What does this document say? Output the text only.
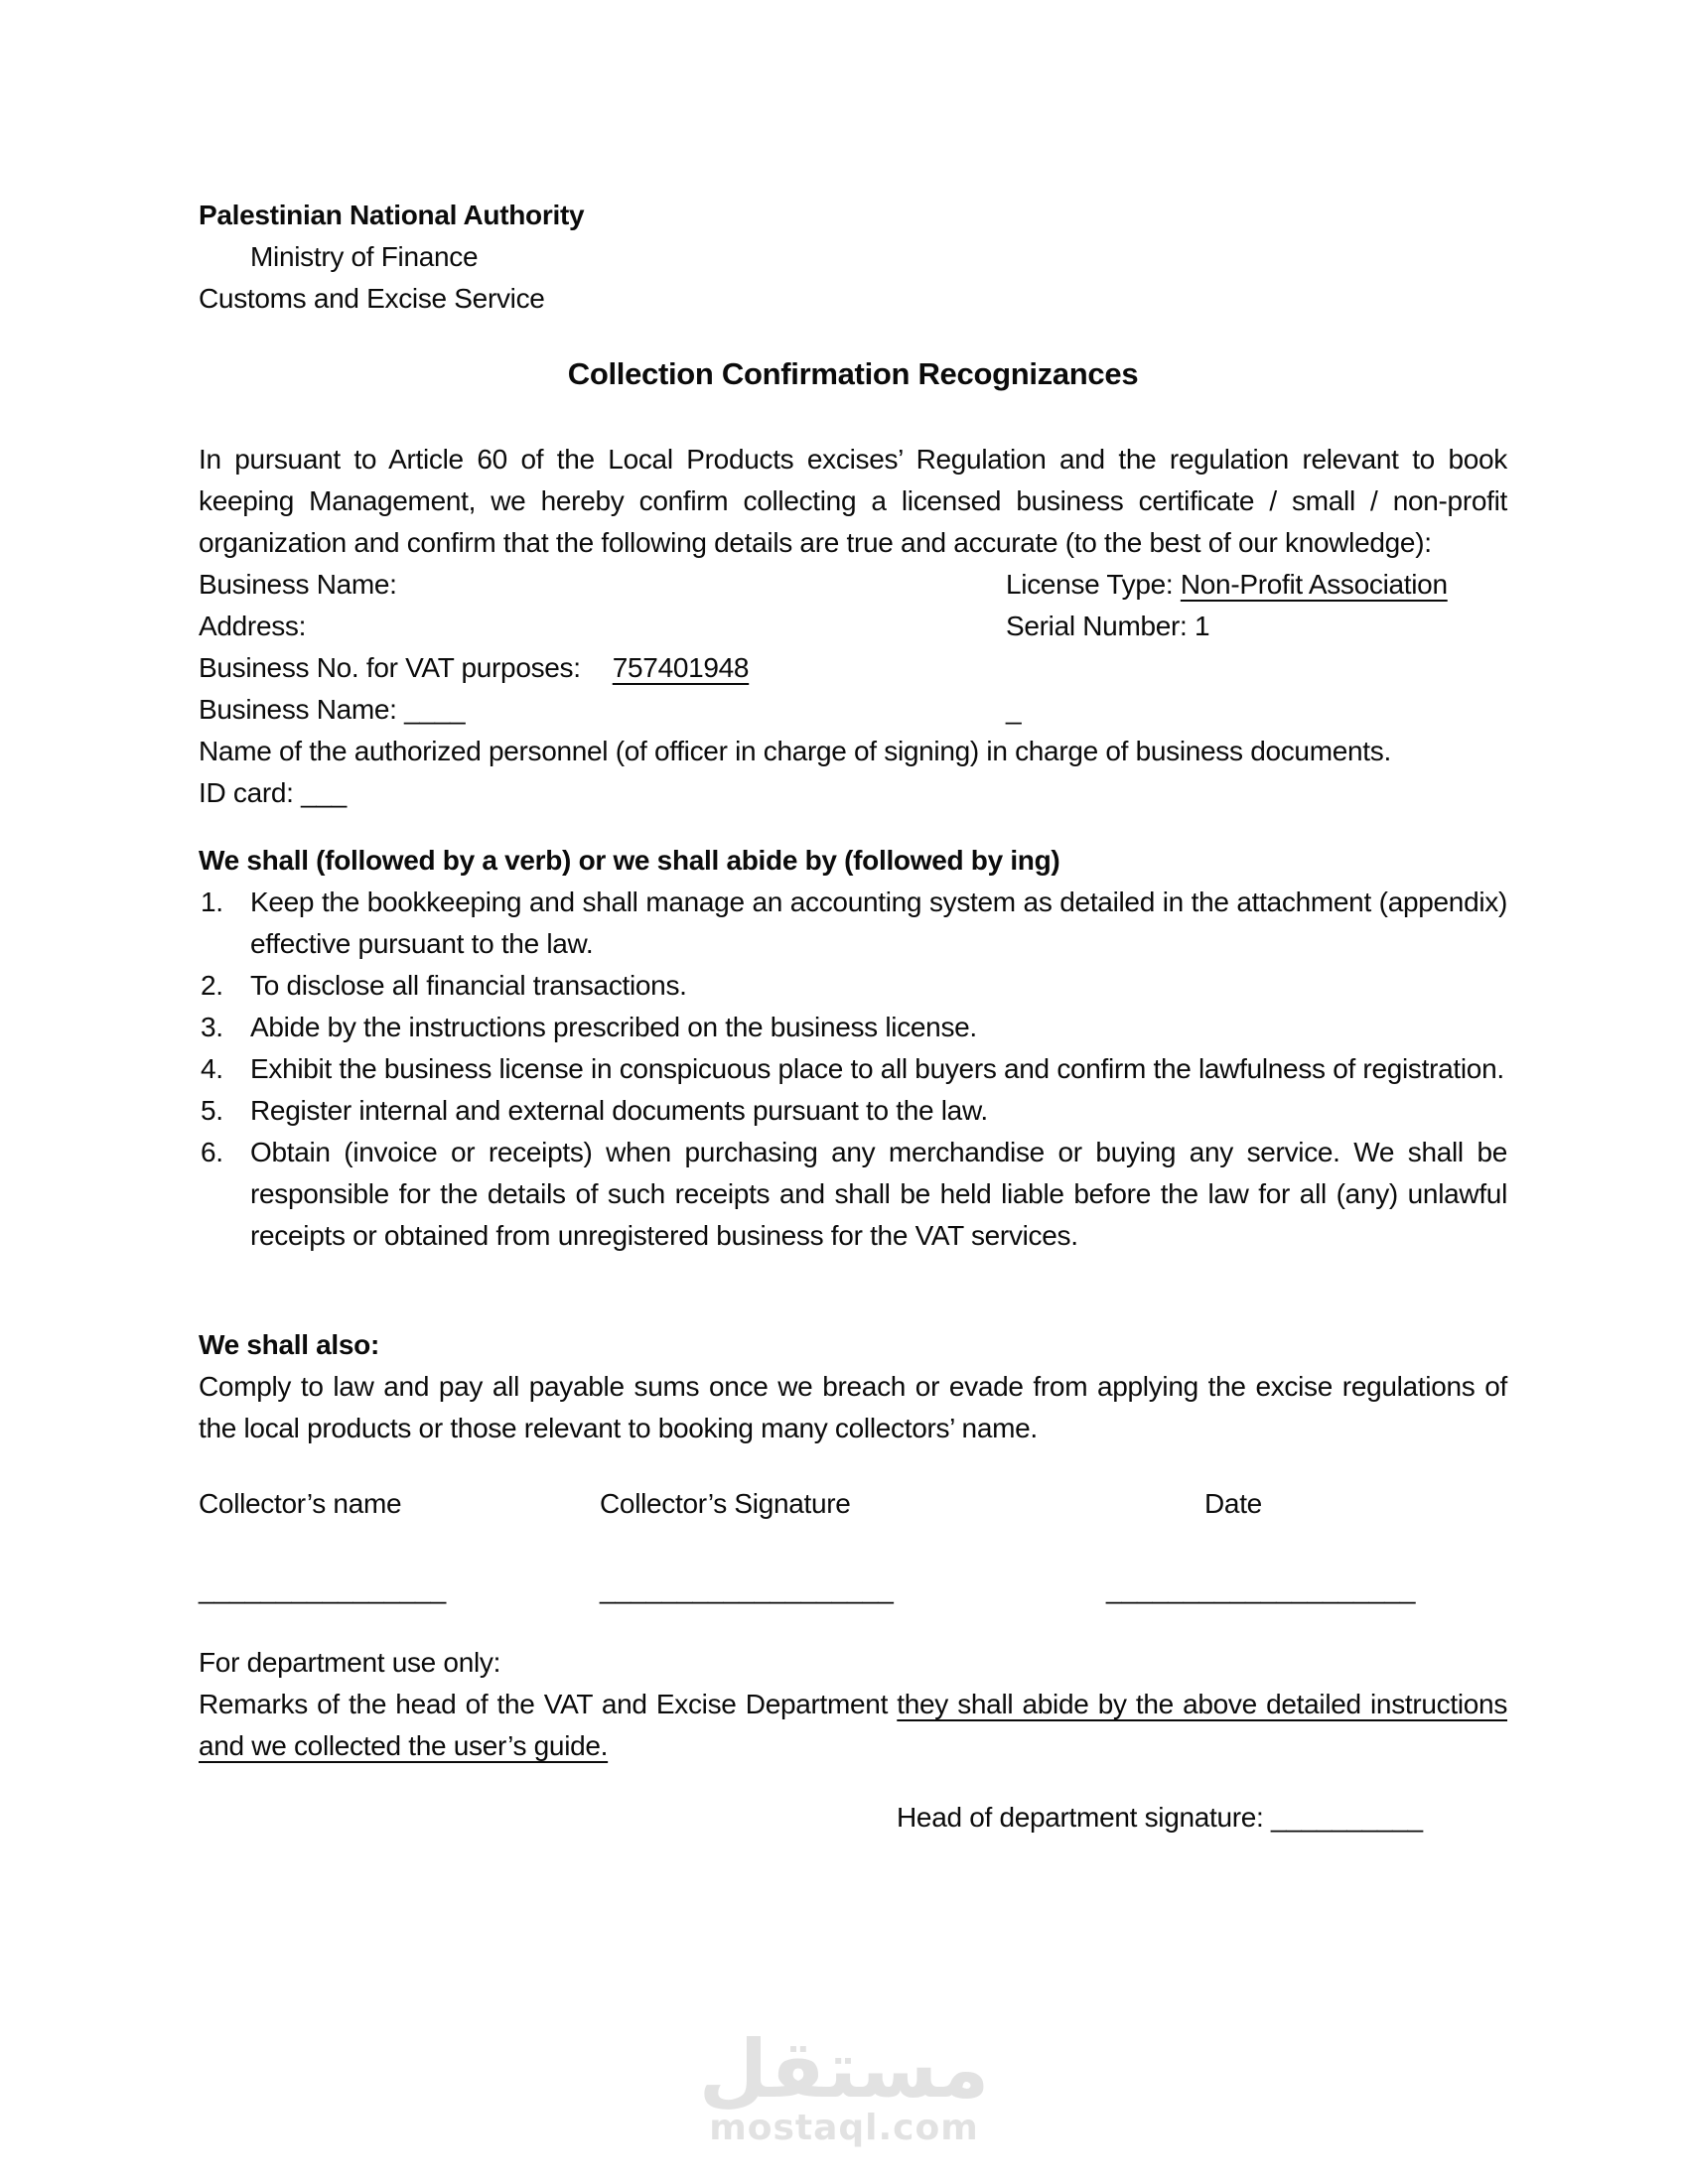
Palestinian National Authority
Ministry of Finance
Customs and Excise Service
Collection Confirmation Recognizances
In pursuant to Article 60 of the Local Products excises’ Regulation and the regulation relevant to book keeping Management, we hereby confirm collecting a licensed business certificate / small / non-profit organization and confirm that the following details are true and accurate (to the best of our knowledge):
Business Name:	License Type: Non-Profit Association
Address:	Serial Number: 1
Business No. for VAT purposes: 757401948
Business Name: ____	_
Name of the authorized personnel (of officer in charge of signing) in charge of business documents.
ID card: ___
We shall (followed by a verb) or we shall abide by (followed by ing)
1. Keep the bookkeeping and shall manage an accounting system as detailed in the attachment (appendix) effective pursuant to the law.
2. To disclose all financial transactions.
3. Abide by the instructions prescribed on the business license.
4. Exhibit the business license in conspicuous place to all buyers and confirm the lawfulness of registration.
5. Register internal and external documents pursuant to the law.
6. Obtain (invoice or receipts) when purchasing any merchandise or buying any service. We shall be responsible for the details of such receipts and shall be held liable before the law for all (any) unlawful receipts or obtained from unregistered business for the VAT services.
We shall also:
Comply to law and pay all payable sums once we breach or evade from applying the excise regulations of the local products or those relevant to booking many collectors’ name.
Collector’s name	Collector’s Signature	Date
________________	___________________	____________________
For department use only:
Remarks of the head of the VAT and Excise Department they shall abide by the above detailed instructions and we collected the user’s guide.
Head of department signature: __________
مستقل
mostaql.com
